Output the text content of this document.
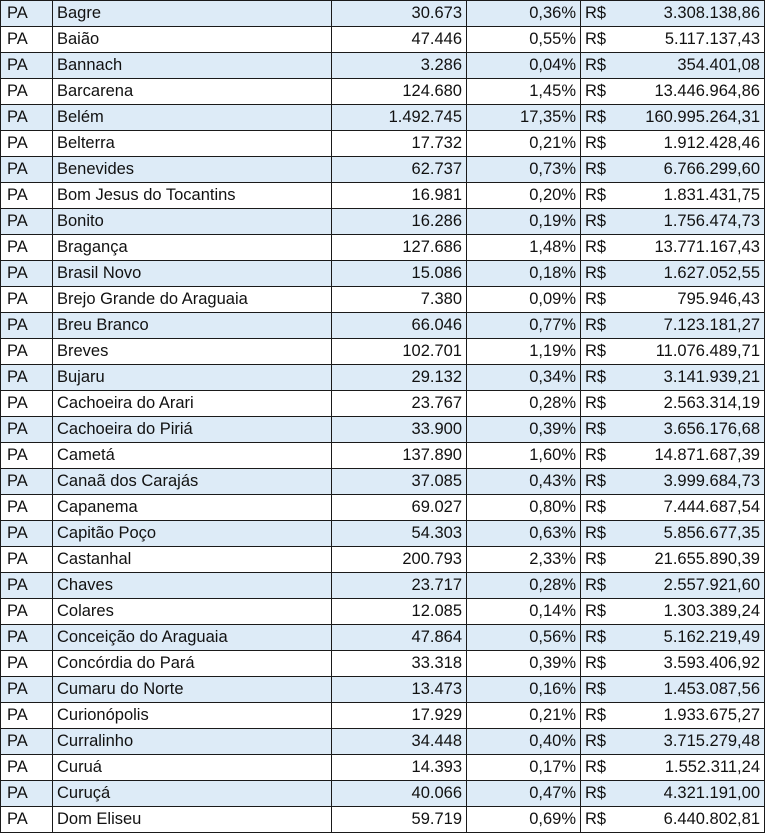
PA	Bagre	30.673	0,36%	R$	3.308.138,86
PA	Baião	47.446	0,55%	R$	5.117.137,43
PA	Bannach	3.286	0,04%	R$	354.401,08
PA	Barcarena	124.680	1,45%	R$	13.446.964,86
PA	Belém	1.492.745	17,35%	R$	160.995.264,31
PA	Belterra	17.732	0,21%	R$	1.912.428,46
PA	Benevides	62.737	0,73%	R$	6.766.299,60
PA	Bom Jesus do Tocantins	16.981	0,20%	R$	1.831.431,75
PA	Bonito	16.286	0,19%	R$	1.756.474,73
PA	Bragança	127.686	1,48%	R$	13.771.167,43
PA	Brasil Novo	15.086	0,18%	R$	1.627.052,55
PA	Brejo Grande do Araguaia	7.380	0,09%	R$	795.946,43
PA	Breu Branco	66.046	0,77%	R$	7.123.181,27
PA	Breves	102.701	1,19%	R$	11.076.489,71
PA	Bujaru	29.132	0,34%	R$	3.141.939,21
PA	Cachoeira do Arari	23.767	0,28%	R$	2.563.314,19
PA	Cachoeira do Piriá	33.900	0,39%	R$	3.656.176,68
PA	Cametá	137.890	1,60%	R$	14.871.687,39
PA	Canaã dos Carajás	37.085	0,43%	R$	3.999.684,73
PA	Capanema	69.027	0,80%	R$	7.444.687,54
PA	Capitão Poço	54.303	0,63%	R$	5.856.677,35
PA	Castanhal	200.793	2,33%	R$	21.655.890,39
PA	Chaves	23.717	0,28%	R$	2.557.921,60
PA	Colares	12.085	0,14%	R$	1.303.389,24
PA	Conceição do Araguaia	47.864	0,56%	R$	5.162.219,49
PA	Concórdia do Pará	33.318	0,39%	R$	3.593.406,92
PA	Cumaru do Norte	13.473	0,16%	R$	1.453.087,56
PA	Curionópolis	17.929	0,21%	R$	1.933.675,27
PA	Curralinho	34.448	0,40%	R$	3.715.279,48
PA	Curuá	14.393	0,17%	R$	1.552.311,24
PA	Curuçá	40.066	0,47%	R$	4.321.191,00
PA	Dom Eliseu	59.719	0,69%	R$	6.440.802,81
